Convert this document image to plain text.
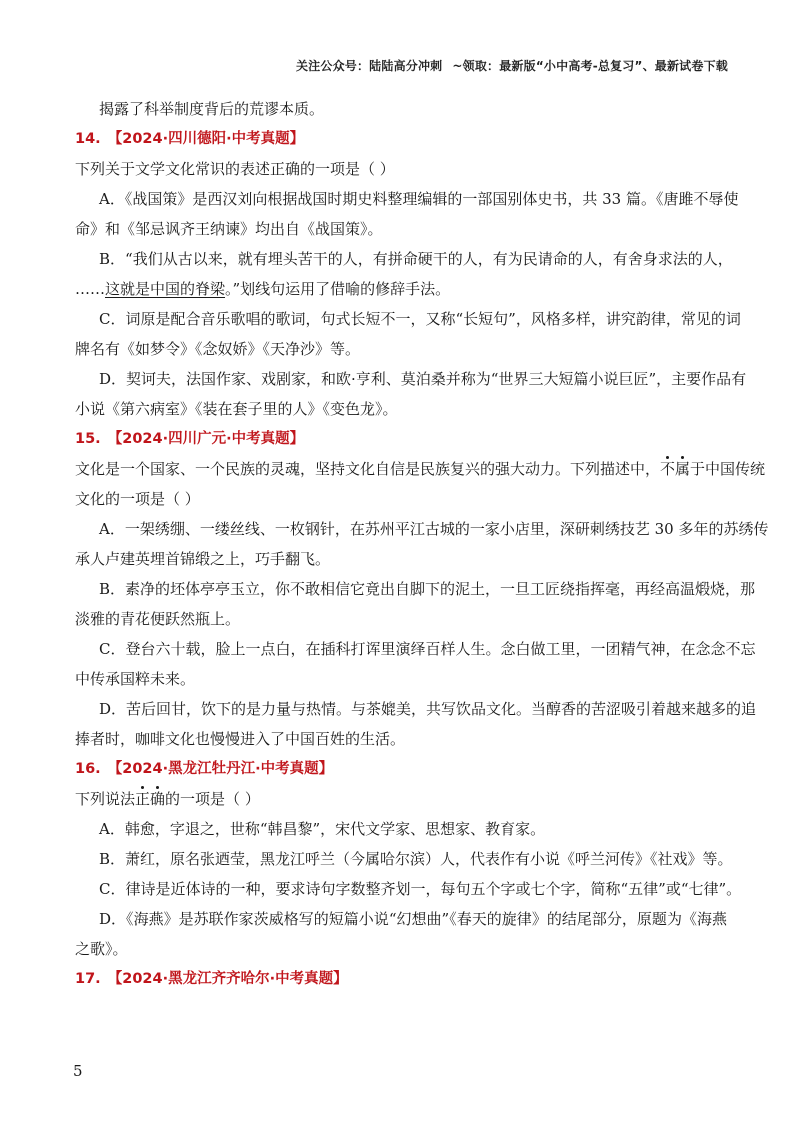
关注公众号：陆陆高分冲刺 ~领取：最新版“小中高考-总复习”、最新试卷下载
揭露了科举制度背后的荒谬本质。
14. 【2024·四川德阳·中考真题】
下列关于文学文化常识的表述正确的一项是（ ）
A．《战国策》是西汉刘向根据战国时期史料整理编辑的一部国别体史书，共 33 篇。《唐雎不辱使
命》和《邹忌讽齐王纳谏》均出自《战国策》。
B．“我们从古以来，就有埋头苦干的人，有拼命硬干的人，有为民请命的人，有舍身求法的人，
……这就是中国的脊梁。”划线句运用了借喻的修辞手法。
C．词原是配合音乐歌唱的歌词，句式长短不一，又称“长短句”，风格多样，讲究韵律，常见的词
牌名有《如梦令》《念奴娇》《天净沙》等。
D．契诃夫，法国作家、戏剧家，和欧·亨利、莫泊桑并称为“世界三大短篇小说巨匠”，主要作品有
小说《第六病室》《装在套子里的人》《变色龙》。
15. 【2024·四川广元·中考真题】
文化是一个国家、一个民族的灵魂，坚持文化自信是民族复兴的强大动力。下列描述中，不属于中国传统
文化的一项是（ ）
A．一架绣绷、一缕丝线、一枚钢针，在苏州平江古城的一家小店里，深研刺绣技艺 30 多年的苏绣传
承人卢建英埋首锦缎之上，巧手翻飞。
B．素净的坯体亭亭玉立，你不敢相信它竟出自脚下的泥土，一旦工匠绕指挥毫，再经高温煅烧，那
淡雅的青花便跃然瓶上。
C．登台六十载，脸上一点白，在插科打诨里演绎百样人生。念白做工里，一团精气神，在念念不忘
中传承国粹未来。
D．苦后回甘，饮下的是力量与热情。与茶媲美，共写饮品文化。当醇香的苦涩吸引着越来越多的追
捧者时，咖啡文化也慢慢进入了中国百姓的生活。
16. 【2024·黑龙江牡丹江·中考真题】
下列说法正确的一项是（ ）
A．韩愈，字退之，世称“韩昌黎”，宋代文学家、思想家、教育家。
B．萧红，原名张迺莹，黑龙江呼兰（今属哈尔滨）人，代表作有小说《呼兰河传》《社戏》等。
C．律诗是近体诗的一种，要求诗句字数整齐划一，每句五个字或七个字，简称“五律”或“七律”。
D．《海燕》是苏联作家茨威格写的短篇小说“幻想曲”《春天的旋律》的结尾部分，原题为《海燕
之歌》。
17. 【2024·黑龙江齐齐哈尔·中考真题】
5
